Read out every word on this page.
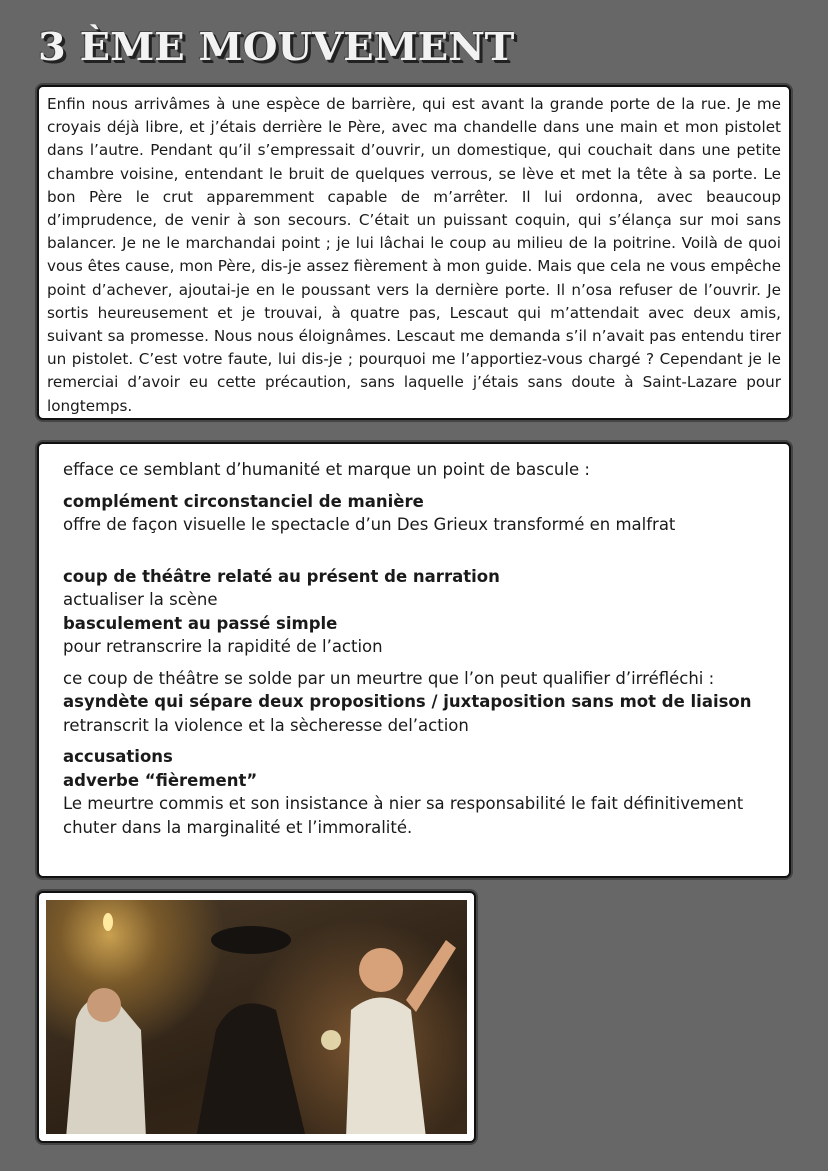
3 ÈME MOUVEMENT

Enfin nous arrivâmes à une espèce de barrière, qui est avant la grande porte de la rue. Je me croyais déjà libre, et j’étais derrière le Père, avec ma chandelle dans une main et mon pistolet dans l’autre. Pendant qu’il s’empressait d’ouvrir, un domestique, qui couchait dans une petite chambre voisine, entendant le bruit de quelques verrous, se lève et met la tête à sa porte. Le bon Père le crut apparemment capable de m’arrêter. Il lui ordonna, avec beaucoup d’imprudence, de venir à son secours. C’était un puissant coquin, qui s’élança sur moi sans balancer. Je ne le marchandai point ; je lui lâchai le coup au milieu de la poitrine. Voilà de quoi vous êtes cause, mon Père, dis-je assez fièrement à mon guide. Mais que cela ne vous empêche point d’achever, ajoutai-je en le poussant vers la dernière porte. Il n’osa refuser de l’ouvrir. Je sortis heureusement et je trouvai, à quatre pas, Lescaut qui m’attendait avec deux amis, suivant sa promesse. Nous nous éloignâmes. Lescaut me demanda s’il n’avait pas entendu tirer un pistolet. C’est votre faute, lui dis-je ; pourquoi me l’apportiez-vous chargé ? Cependant je le remerciai d’avoir eu cette précaution, sans laquelle j’étais sans doute à Saint-Lazare pour longtemps.

efface ce semblant d’humanité et marque un point de bascule :
complément circonstanciel de manière
offre de façon visuelle le spectacle d’un Des Grieux transformé en malfrat
coup de théâtre relaté au présent de narration
actualiser la scène
basculement au passé simple
pour retranscrire la rapidité de l’action
ce coup de théâtre se solde par un meurtre que l’on peut qualifier d’irréfléchi :
asyndète qui sépare deux propositions / juxtaposition sans mot de liaison
retranscrit la violence et la sècheresse del’action
accusations
adverbe “fièrement”
Le meurtre commis et son insistance à nier sa responsabilité le fait définitivement chuter dans la marginalité et l’immoralité.
